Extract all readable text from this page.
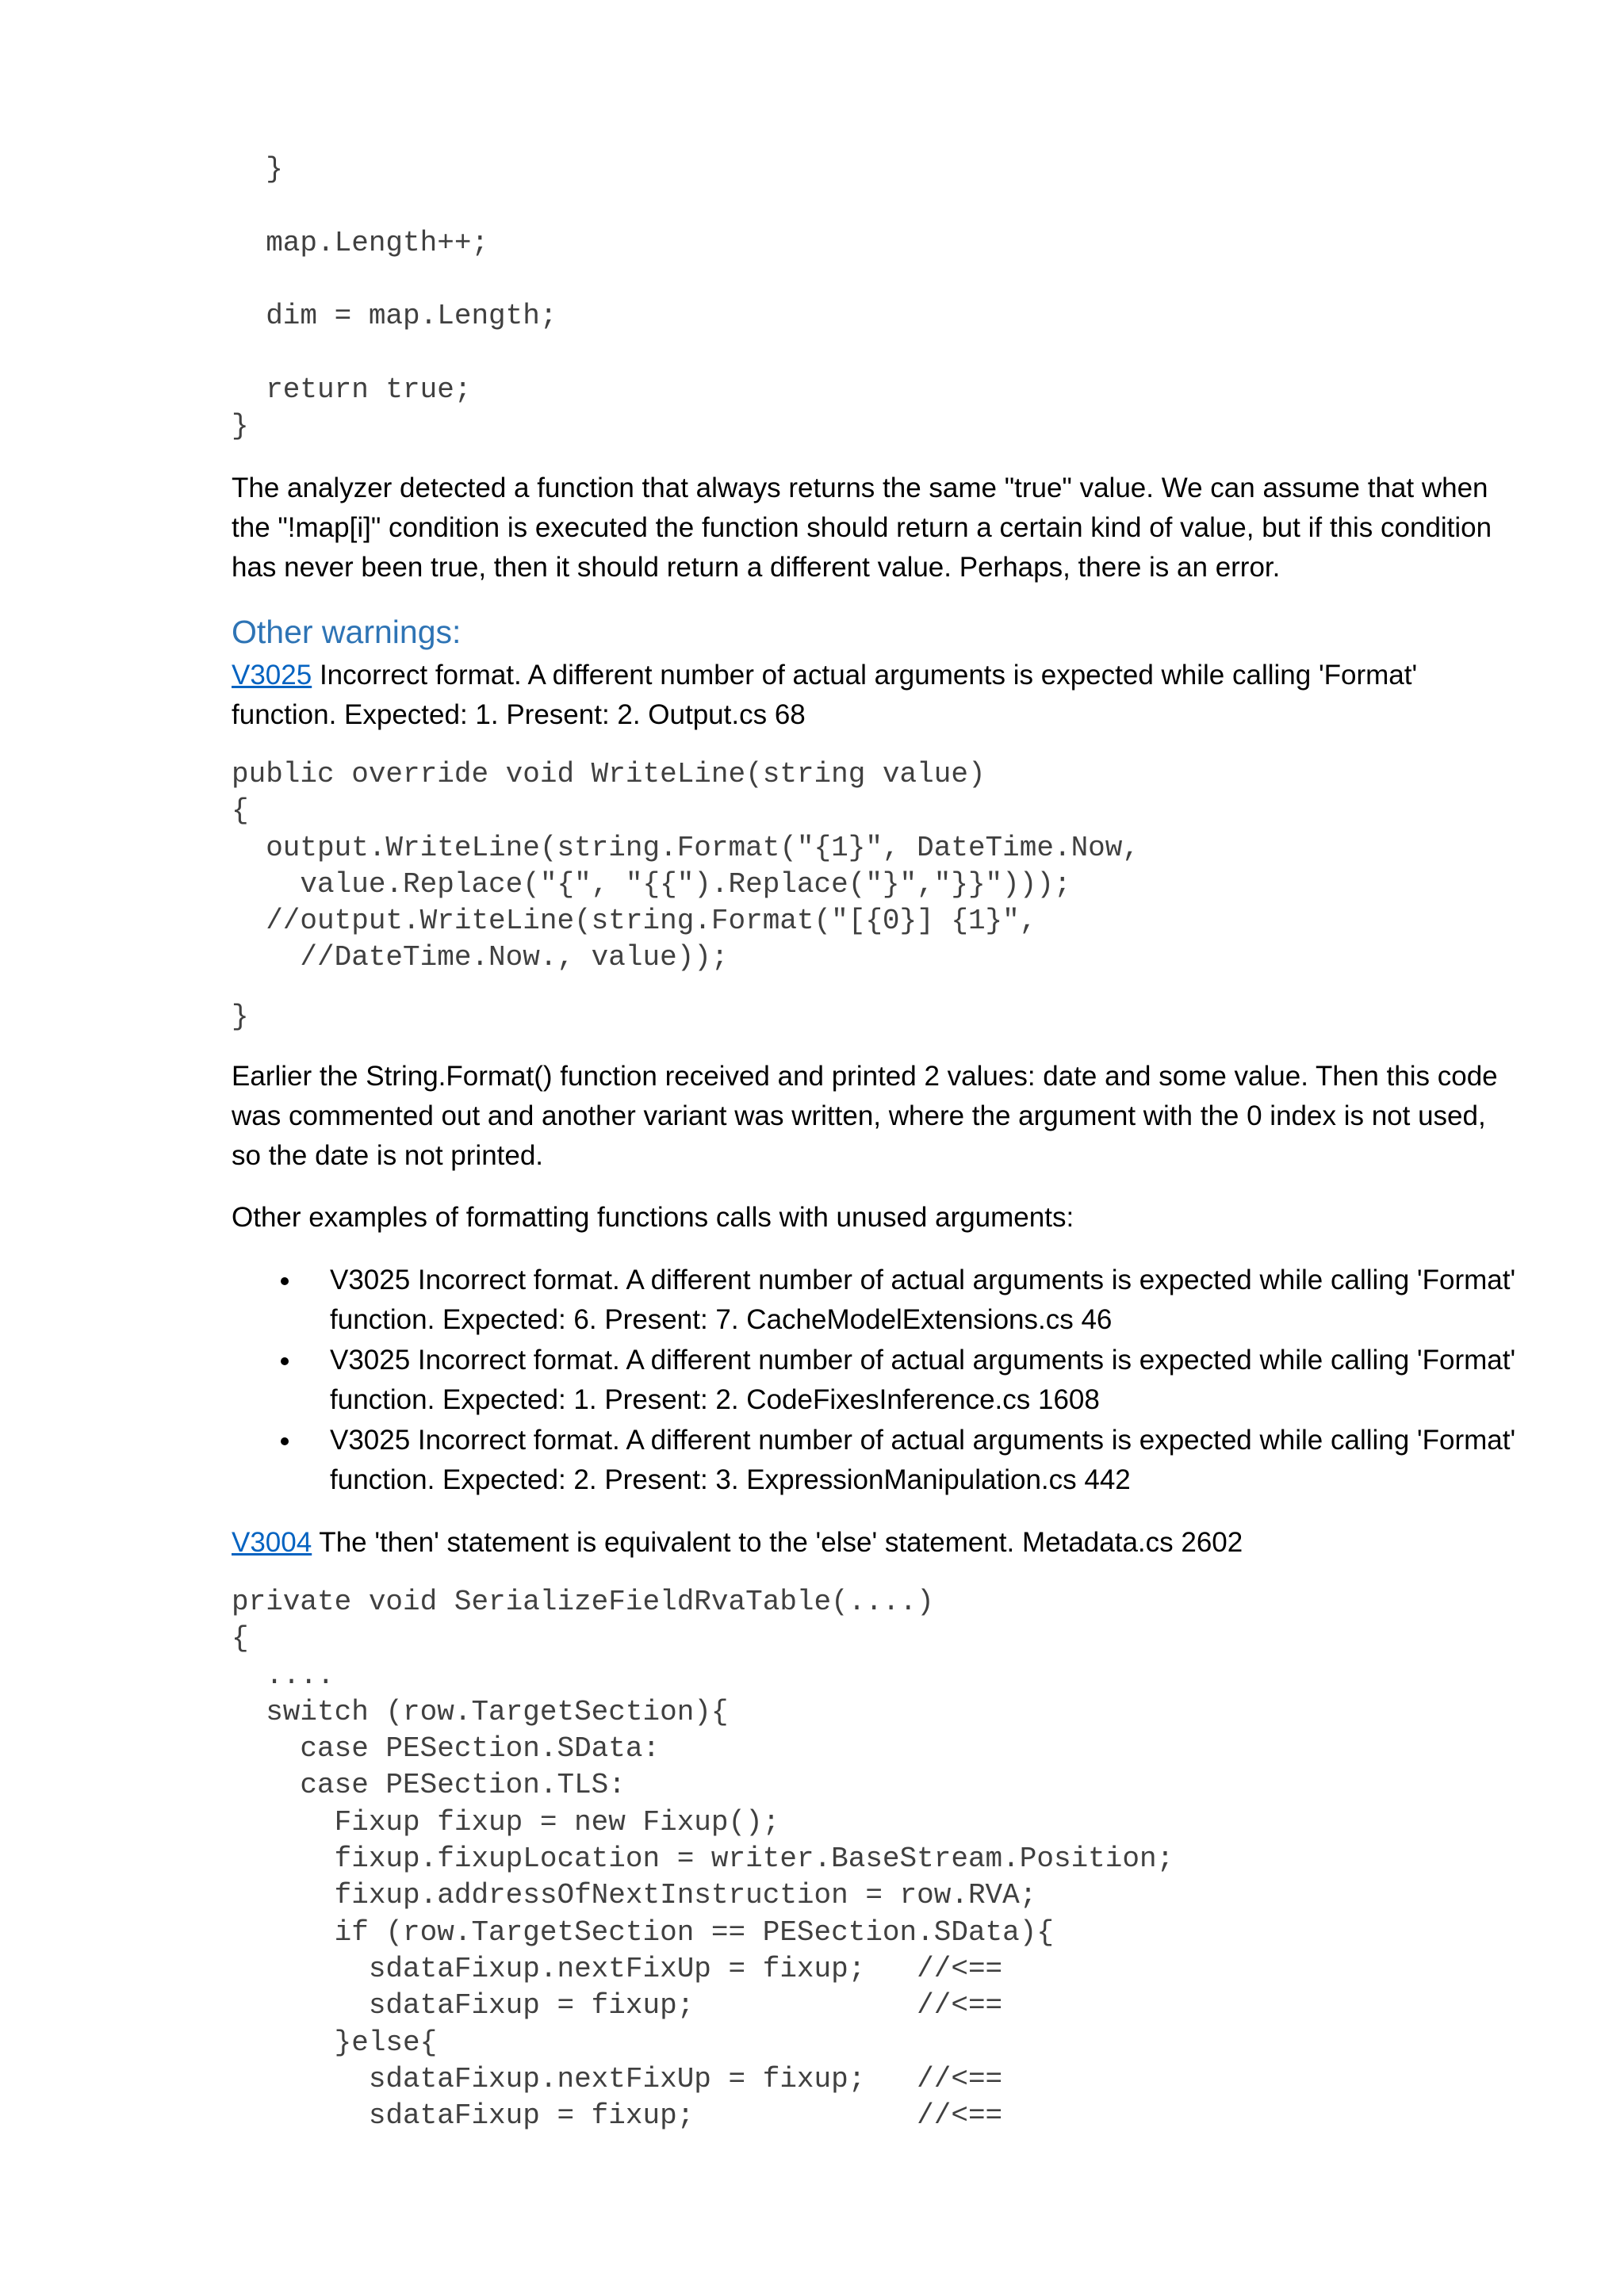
}
map.Length++;
dim = map.Length;
return true;
}

The analyzer detected a function that always returns the same "true" value. We can assume that when the "!map[i]" condition is executed the function should return a certain kind of value, but if this condition has never been true, then it should return a different value. Perhaps, there is an error.

Other warnings:

V3025 Incorrect format. A different number of actual arguments is expected while calling 'Format' function. Expected: 1. Present: 2. Output.cs 68

public override void WriteLine(string value)
{
output.WriteLine(string.Format("{1}", DateTime.Now,
value.Replace("{", "{{").Replace("}","}}")));
//output.WriteLine(string.Format("[{0}] {1}",
//DateTime.Now., value));
}

Earlier the String.Format() function received and printed 2 values: date and some value. Then this code was commented out and another variant was written, where the argument with the 0 index is not used, so the date is not printed.

Other examples of formatting functions calls with unused arguments:

V3025 Incorrect format. A different number of actual arguments is expected while calling 'Format' function. Expected: 6. Present: 7. CacheModelExtensions.cs 46
V3025 Incorrect format. A different number of actual arguments is expected while calling 'Format' function. Expected: 1. Present: 2. CodeFixesInference.cs 1608
V3025 Incorrect format. A different number of actual arguments is expected while calling 'Format' function. Expected: 2. Present: 3. ExpressionManipulation.cs 442

V3004 The 'then' statement is equivalent to the 'else' statement. Metadata.cs 2602

private void SerializeFieldRvaTable(....)
{
....
switch (row.TargetSection){
case PESection.SData:
case PESection.TLS:
Fixup fixup = new Fixup();
fixup.fixupLocation = writer.BaseStream.Position;
fixup.addressOfNextInstruction = row.RVA;
if (row.TargetSection == PESection.SData){
sdataFixup.nextFixUp = fixup;   //<==
sdataFixup = fixup;             //<==
}else{
sdataFixup.nextFixUp = fixup;   //<==
sdataFixup = fixup;             //<==
